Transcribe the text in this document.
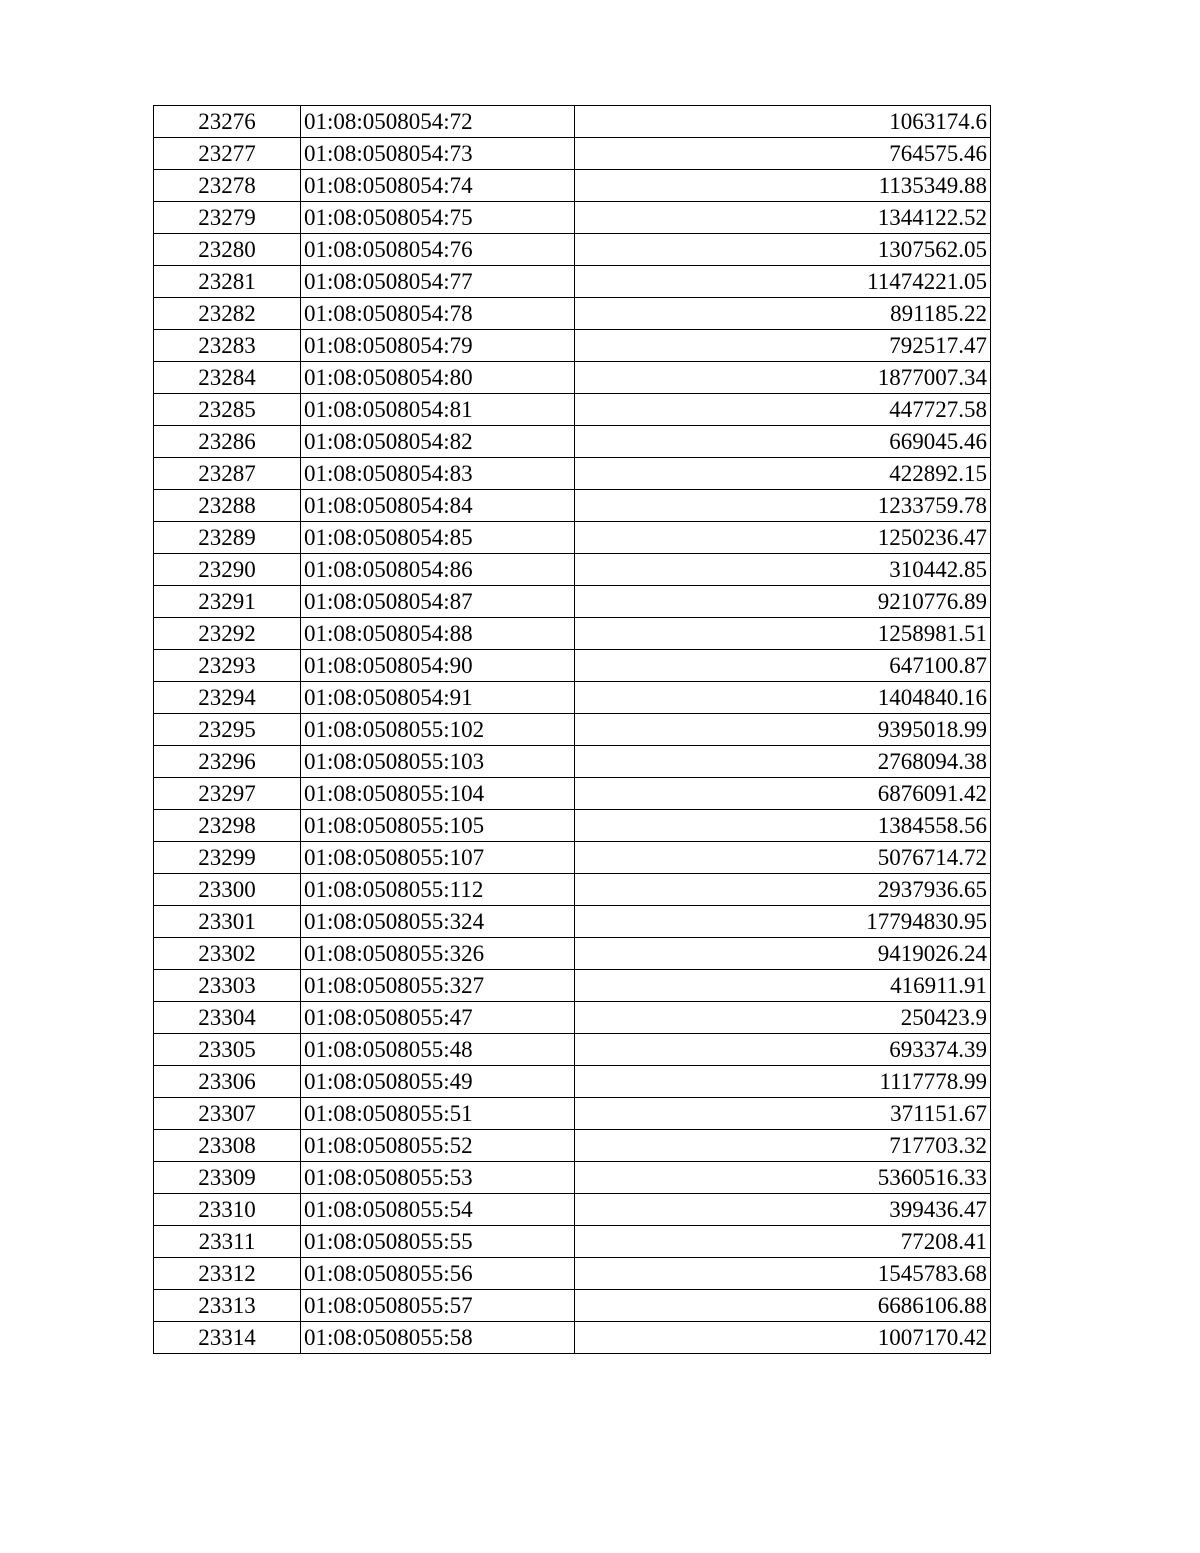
23276	01:08:0508054:72	1063174.6
23277	01:08:0508054:73	764575.46
23278	01:08:0508054:74	1135349.88
23279	01:08:0508054:75	1344122.52
23280	01:08:0508054:76	1307562.05
23281	01:08:0508054:77	11474221.05
23282	01:08:0508054:78	891185.22
23283	01:08:0508054:79	792517.47
23284	01:08:0508054:80	1877007.34
23285	01:08:0508054:81	447727.58
23286	01:08:0508054:82	669045.46
23287	01:08:0508054:83	422892.15
23288	01:08:0508054:84	1233759.78
23289	01:08:0508054:85	1250236.47
23290	01:08:0508054:86	310442.85
23291	01:08:0508054:87	9210776.89
23292	01:08:0508054:88	1258981.51
23293	01:08:0508054:90	647100.87
23294	01:08:0508054:91	1404840.16
23295	01:08:0508055:102	9395018.99
23296	01:08:0508055:103	2768094.38
23297	01:08:0508055:104	6876091.42
23298	01:08:0508055:105	1384558.56
23299	01:08:0508055:107	5076714.72
23300	01:08:0508055:112	2937936.65
23301	01:08:0508055:324	17794830.95
23302	01:08:0508055:326	9419026.24
23303	01:08:0508055:327	416911.91
23304	01:08:0508055:47	250423.9
23305	01:08:0508055:48	693374.39
23306	01:08:0508055:49	1117778.99
23307	01:08:0508055:51	371151.67
23308	01:08:0508055:52	717703.32
23309	01:08:0508055:53	5360516.33
23310	01:08:0508055:54	399436.47
23311	01:08:0508055:55	77208.41
23312	01:08:0508055:56	1545783.68
23313	01:08:0508055:57	6686106.88
23314	01:08:0508055:58	1007170.42
